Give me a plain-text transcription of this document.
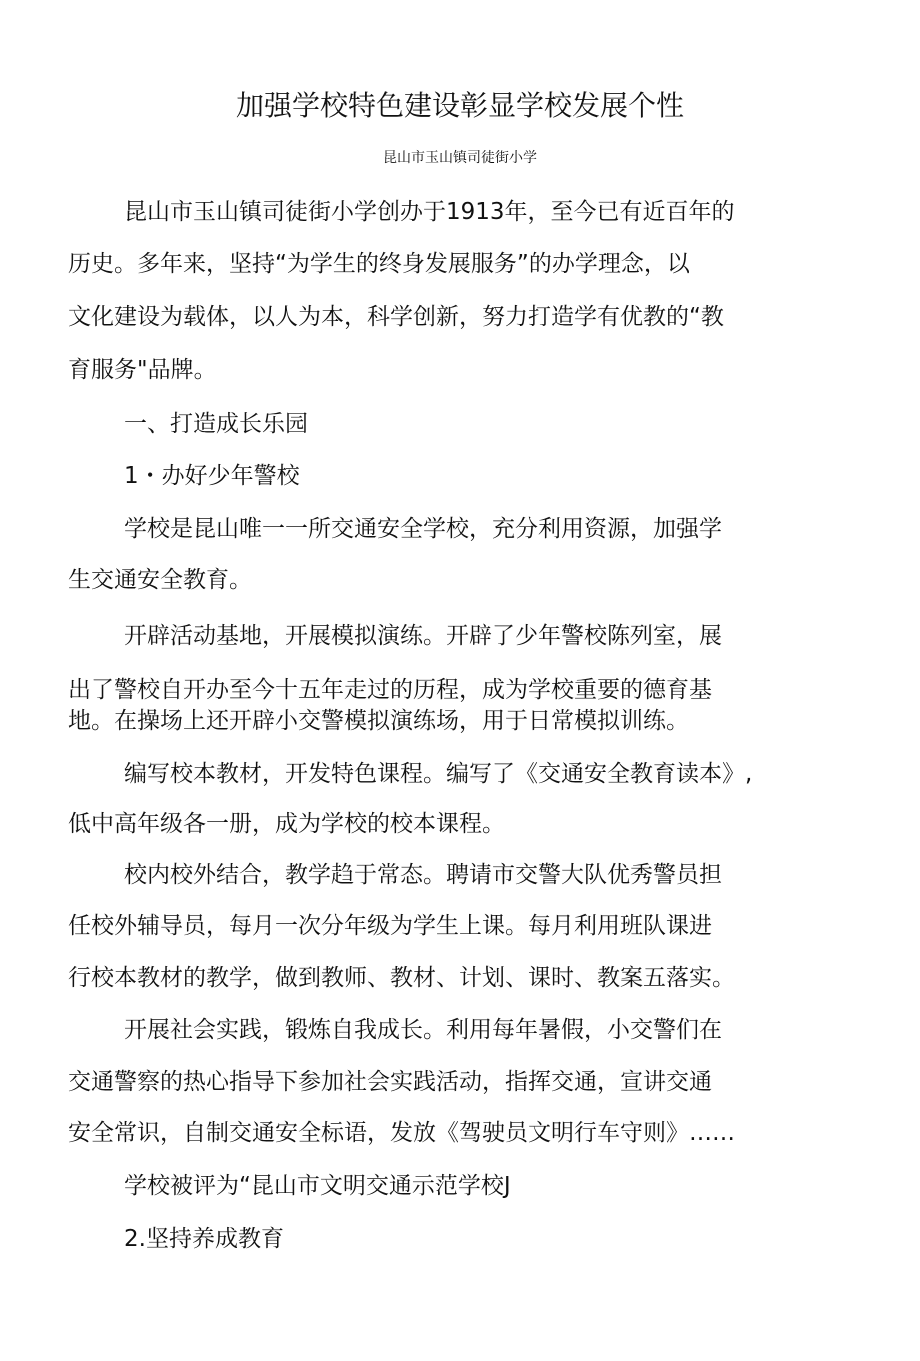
加强学校特色建设彰显学校发展个性
昆山市玉山镇司徒街小学
昆山市玉山镇司徒街小学创办于1913年，至今已有近百年的
历史。多年来，坚持“为学生的终身发展服务”的办学理念，以
文化建设为载体，以人为本，科学创新，努力打造学有优教的“教
育服务"品牌。
一、打造成长乐园
1・办好少年警校
学校是昆山唯一一所交通安全学校，充分利用资源，加强学
生交通安全教育。
开辟活动基地，开展模拟演练。开辟了少年警校陈列室，展
出了警校自开办至今十五年走过的历程，成为学校重要的德育基
地。在操场上还开辟小交警模拟演练场，用于日常模拟训练。
编写校本教材，开发特色课程。编写了《交通安全教育读本》,
低中高年级各一册，成为学校的校本课程。
校内校外结合，教学趋于常态。聘请市交警大队优秀警员担
任校外辅导员，每月一次分年级为学生上课。每月利用班队课进
行校本教材的教学，做到教师、教材、计划、课时、教案五落实。
开展社会实践，锻炼自我成长。利用每年暑假，小交警们在
交通警察的热心指导下参加社会实践活动，指挥交通，宣讲交通
安全常识，自制交通安全标语，发放《驾驶员文明行车守则》……
学校被评为“昆山市文明交通示范学校J
2.坚持养成教育
